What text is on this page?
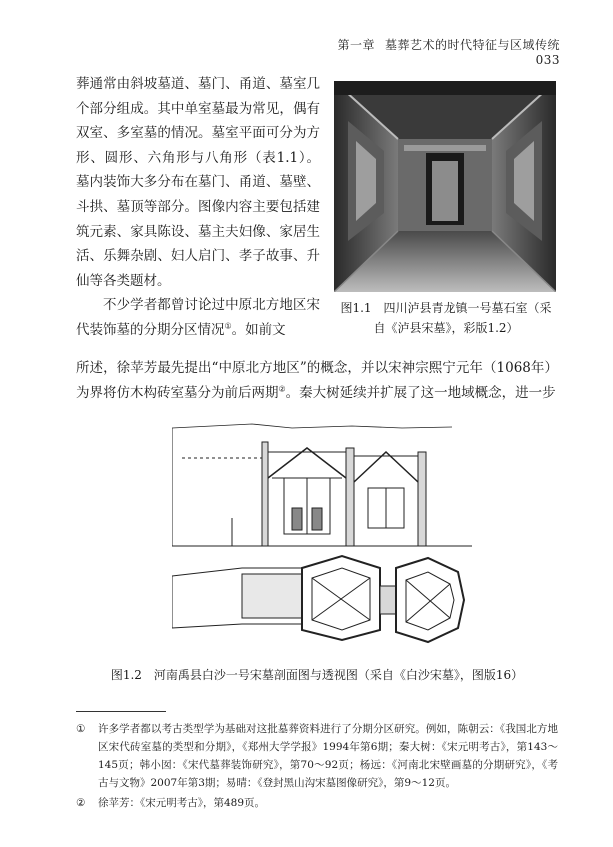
第一章 墓葬艺术的时代特征与区域传统033

葬通常由斜坡墓道、墓门、甬道、墓室几个部分组成。其中单室墓最为常见，偶有双室、多室墓的情况。墓室平面可分为方形、圆形、六角形与八角形（表1.1）。墓内装饰大多分布在墓门、甬道、墓壁、斗拱、墓顶等部分。图像内容主要包括建筑元素、家具陈设、墓主夫妇像、家居生活、乐舞杂剧、妇人启门、孝子故事、升仙等各类题材。

不少学者都曾讨论过中原北方地区宋代装饰墓的分期分区情况①。如前文

图1.1　四川泸县青龙镇一号墓石室（采
自《泸县宋墓》，彩版1.2）

所述，徐苹芳最先提出“中原北方地区”的概念，并以宋神宗熙宁元年（1068年）为界将仿木构砖室墓分为前后两期②。秦大树延续并扩展了这一地域概念，进一步

图1.2　河南禹县白沙一号宋墓剖面图与透视图（采自《白沙宋墓》，图版16）

① 许多学者都以考古类型学为基础对这批墓葬资料进行了分期分区研究。例如，陈朝云：《我国北方地区宋代砖室墓的类型和分期》，《郑州大学学报》1994年第6期；秦大树：《宋元明考古》，第143～145页；韩小囡：《宋代墓葬装饰研究》，第70～92页；杨远：《河南北宋壁画墓的分期研究》，《考古与文物》2007年第3期；易晴：《登封黑山沟宋墓图像研究》，第9～12页。

② 徐苹芳：《宋元明考古》，第489页。
